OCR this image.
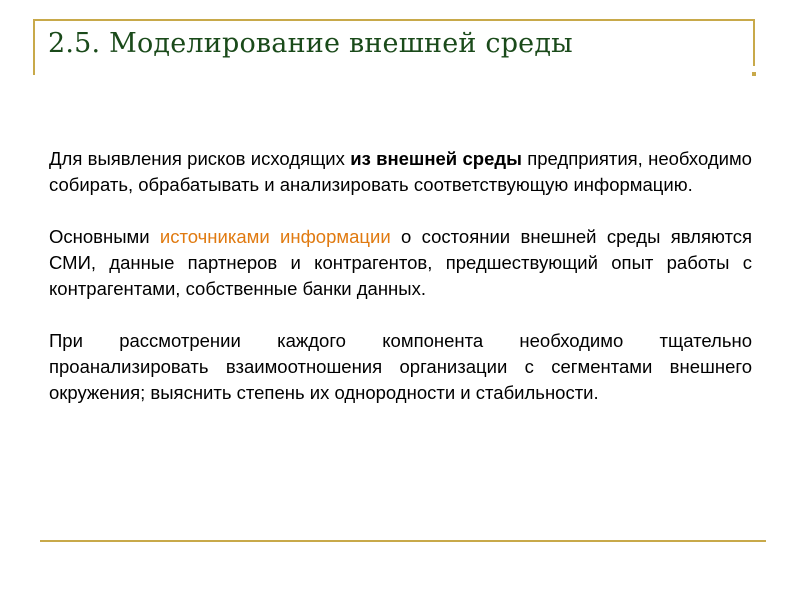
2.5. Моделирование внешней среды

Для выявления рисков исходящих из внешней среды предприятия, необходимо собирать, обрабатывать и анализировать соответствующую информацию.

Основными источниками информации о состоянии внешней среды являются СМИ, данные партнеров и контрагентов, предшествующий опыт работы с контрагентами, собственные банки данных.

При рассмотрении каждого компонента необходимо тщательно проанализировать взаимоотношения организации с сегментами внешнего окружения; выяснить степень их однородности и стабильности.
